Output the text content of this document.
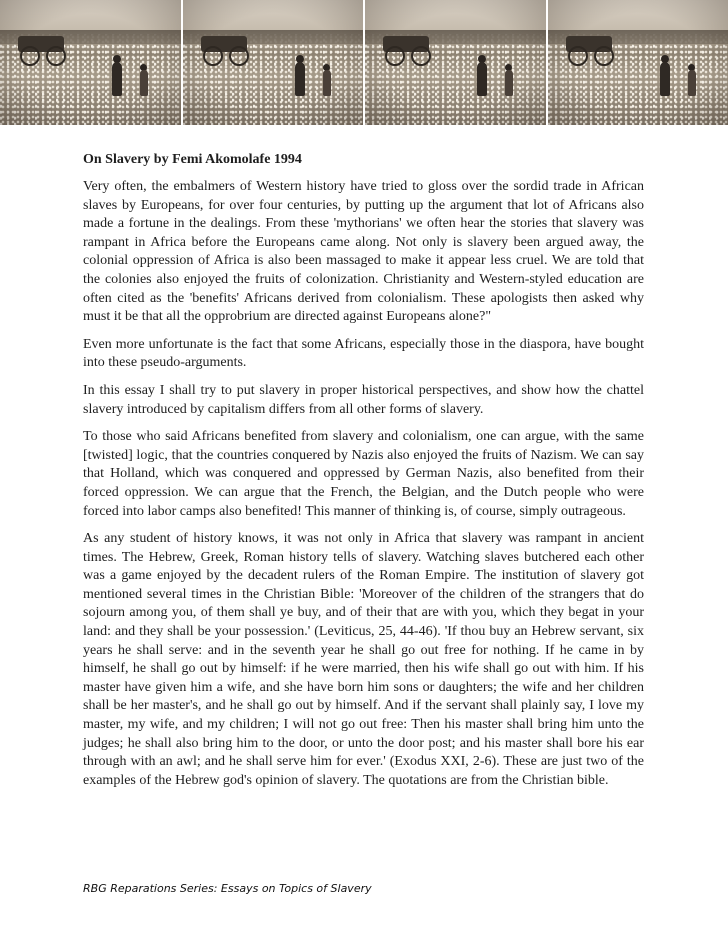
On Slavery by Femi Akomolafe 1994

Very often, the embalmers of Western history have tried to gloss over the sordid trade in African slaves by Europeans, for over four centuries, by putting up the argument that lot of Africans also made a fortune in the dealings. From these 'mythorians' we often hear the stories that slavery was rampant in Africa before the Europeans came along. Not only is slavery been argued away, the colonial oppression of Africa is also been massaged to make it appear less cruel. We are told that the colonies also enjoyed the fruits of colonization. Christianity and Western-styled education are often cited as the 'benefits' Africans derived from colonialism. These apologists then asked why must it be that all the opprobrium are directed against Europeans alone?"

Even more unfortunate is the fact that some Africans, especially those in the diaspora, have bought into these pseudo-arguments.

In this essay I shall try to put slavery in proper historical perspectives, and show how the chattel slavery introduced by capitalism differs from all other forms of slavery.

To those who said Africans benefited from slavery and colonialism, one can argue, with the same [twisted] logic, that the countries conquered by Nazis also enjoyed the fruits of Nazism. We can say that Holland, which was conquered and oppressed by German Nazis, also benefited from their forced oppression. We can argue that the French, the Belgian, and the Dutch people who were forced into labor camps also benefited! This manner of thinking is, of course, simply outrageous.

As any student of history knows, it was not only in Africa that slavery was rampant in ancient times. The Hebrew, Greek, Roman history tells of slavery. Watching slaves butchered each other was a game enjoyed by the decadent rulers of the Roman Empire. The institution of slavery got mentioned several times in the Christian Bible: 'Moreover of the children of the strangers that do sojourn among you, of them shall ye buy, and of their that are with you, which they begat in your land: and they shall be your possession.' (Leviticus, 25, 44-46). 'If thou buy an Hebrew servant, six years he shall serve: and in the seventh year he shall go out free for nothing. If he came in by himself, he shall go out by himself: if he were married, then his wife shall go out with him. If his master have given him a wife, and she have born him sons or daughters; the wife and her children shall be her master's, and he shall go out by himself. And if the servant shall plainly say, I love my master, my wife, and my children; I will not go out free: Then his master shall bring him unto the judges; he shall also bring him to the door, or unto the door post; and his master shall bore his ear through with an awl; and he shall serve him for ever.' (Exodus XXI, 2-6). These are just two of the examples of the Hebrew god's opinion of slavery. The quotations are from the Christian bible.

RBG Reparations Series: Essays on Topics of Slavery
